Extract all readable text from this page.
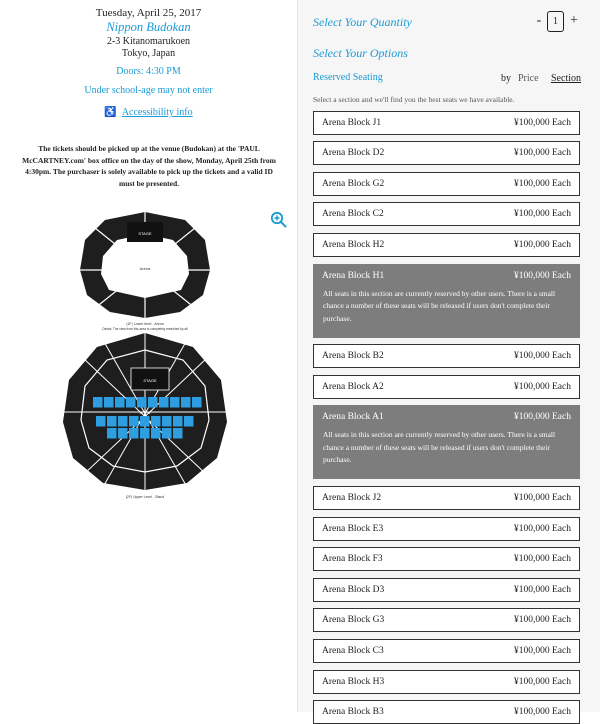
Tuesday, April 25, 2017
Nippon Budokan
2-3 Kitanomarukoen
Tokyo, Japan
Doors: 4:30 PM
Under school-age may not enter
♿ Accessibility info
The tickets should be picked up at the venue (Budokan) at the 'PAUL McCARTNEY.com' box office on the day of the show, Monday, April 25th from 4:30pm. The purchaser is solely available to pick up the tickets and a valid ID must be presented.
STAGE
Arena
(1F) Lower level - Arena
Desks: The view from this area is completely restricted by all
STAGE
Arena
(2F) Upper Level - Stand
Select Your Quantity	-	1 +
Select Your Options
Reserved Seating	by Price Section
Select a section and we'll find you the best seats we have available.
Arena Block J1	¥100,000 Each
Arena Block D2	¥100,000 Each
Arena Block G2	¥100,000 Each
Arena Block C2	¥100,000 Each
Arena Block H2	¥100,000 Each
Arena Block H1	¥100,000 Each
All seats in this section are currently reserved by other users. There is a small chance a number of these seats will be released if users don't complete their purchase.
Arena Block B2	¥100,000 Each
Arena Block A2	¥100,000 Each
Arena Block A1	¥100,000 Each
All seats in this section are currently reserved by other users. There is a small chance a number of these seats will be released if users don't complete their purchase.
Arena Block J2	¥100,000 Each
Arena Block E3	¥100,000 Each
Arena Block F3	¥100,000 Each
Arena Block D3	¥100,000 Each
Arena Block G3	¥100,000 Each
Arena Block C3	¥100,000 Each
Arena Block H3	¥100,000 Each
Arena Block B3	¥100,000 Each
